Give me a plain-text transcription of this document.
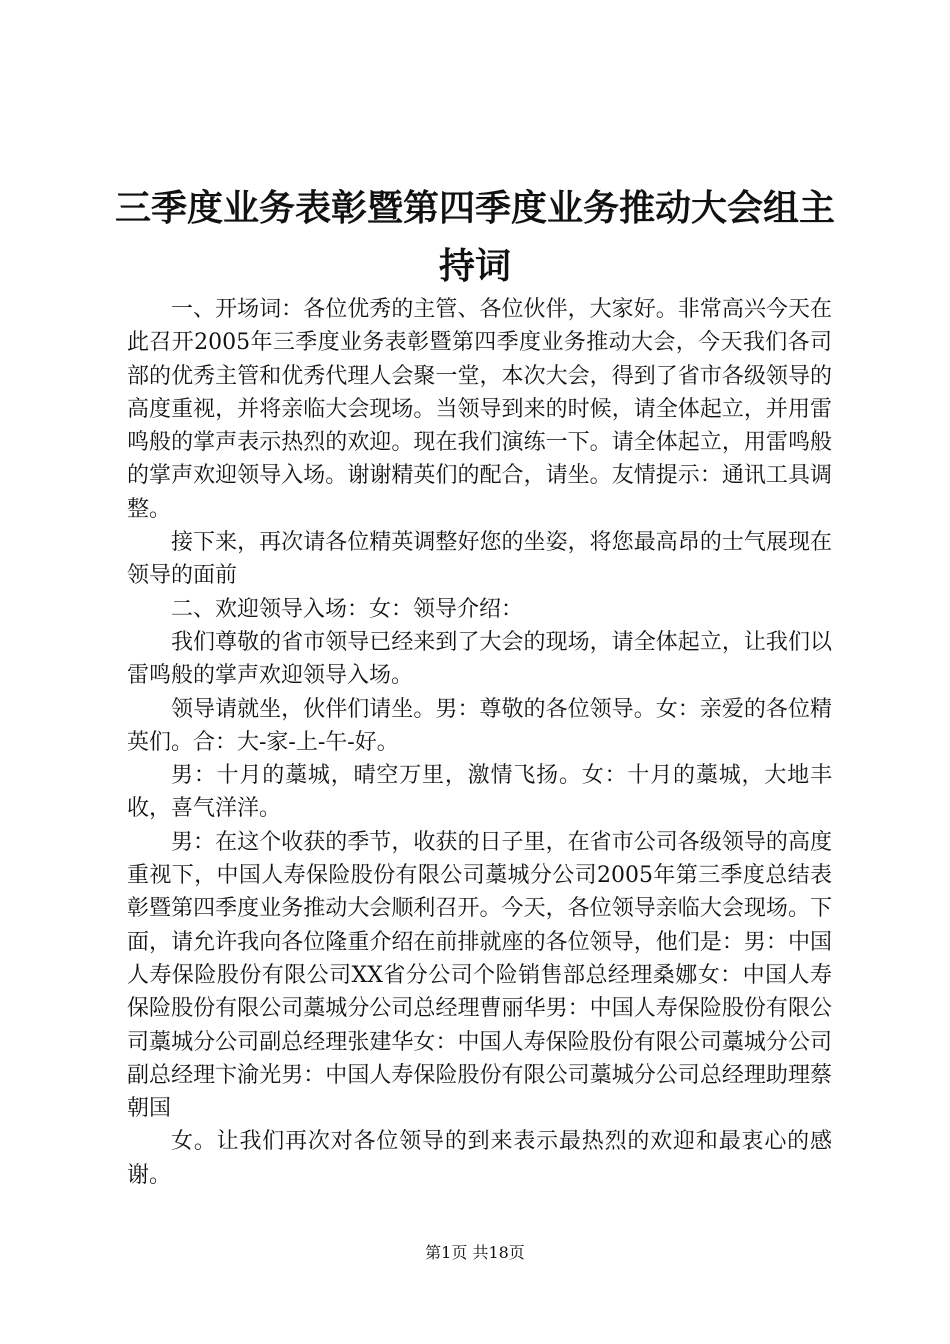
三季度业务表彰暨第四季度业务推动大会组主
持词

一、开场词：各位优秀的主管、各位伙伴，大家好。非常高兴今天在此召开2005年三季度业务表彰暨第四季度业务推动大会，今天我们各司部的优秀主管和优秀代理人会聚一堂，本次大会，得到了省市各级领导的高度重视，并将亲临大会现场。当领导到来的时候，请全体起立，并用雷鸣般的掌声表示热烈的欢迎。现在我们演练一下。请全体起立，用雷鸣般的掌声欢迎领导入场。谢谢精英们的配合，请坐。友情提示：通讯工具调整。

接下来，再次请各位精英调整好您的坐姿，将您最高昂的士气展现在领导的面前

二、欢迎领导入场：女：领导介绍：

我们尊敬的省市领导已经来到了大会的现场，请全体起立，让我们以雷鸣般的掌声欢迎领导入场。

领导请就坐，伙伴们请坐。男：尊敬的各位领导。女：亲爱的各位精英们。合：大-家-上-午-好。

男：十月的藁城，晴空万里，激情飞扬。女：十月的藁城，大地丰收，喜气洋洋。

男：在这个收获的季节，收获的日子里，在省市公司各级领导的高度重视下，中国人寿保险股份有限公司藁城分公司2005年第三季度总结表彰暨第四季度业务推动大会顺利召开。今天，各位领导亲临大会现场。下面，请允许我向各位隆重介绍在前排就座的各位领导，他们是：男：中国人寿保险股份有限公司XX省分公司个险销售部总经理桑娜女：中国人寿保险股份有限公司藁城分公司总经理曹丽华男：中国人寿保险股份有限公司藁城分公司副总经理张建华女：中国人寿保险股份有限公司藁城分公司副总经理卞渝光男：中国人寿保险股份有限公司藁城分公司总经理助理蔡朝国

女。让我们再次对各位领导的到来表示最热烈的欢迎和最衷心的感谢。

第1页 共18页
